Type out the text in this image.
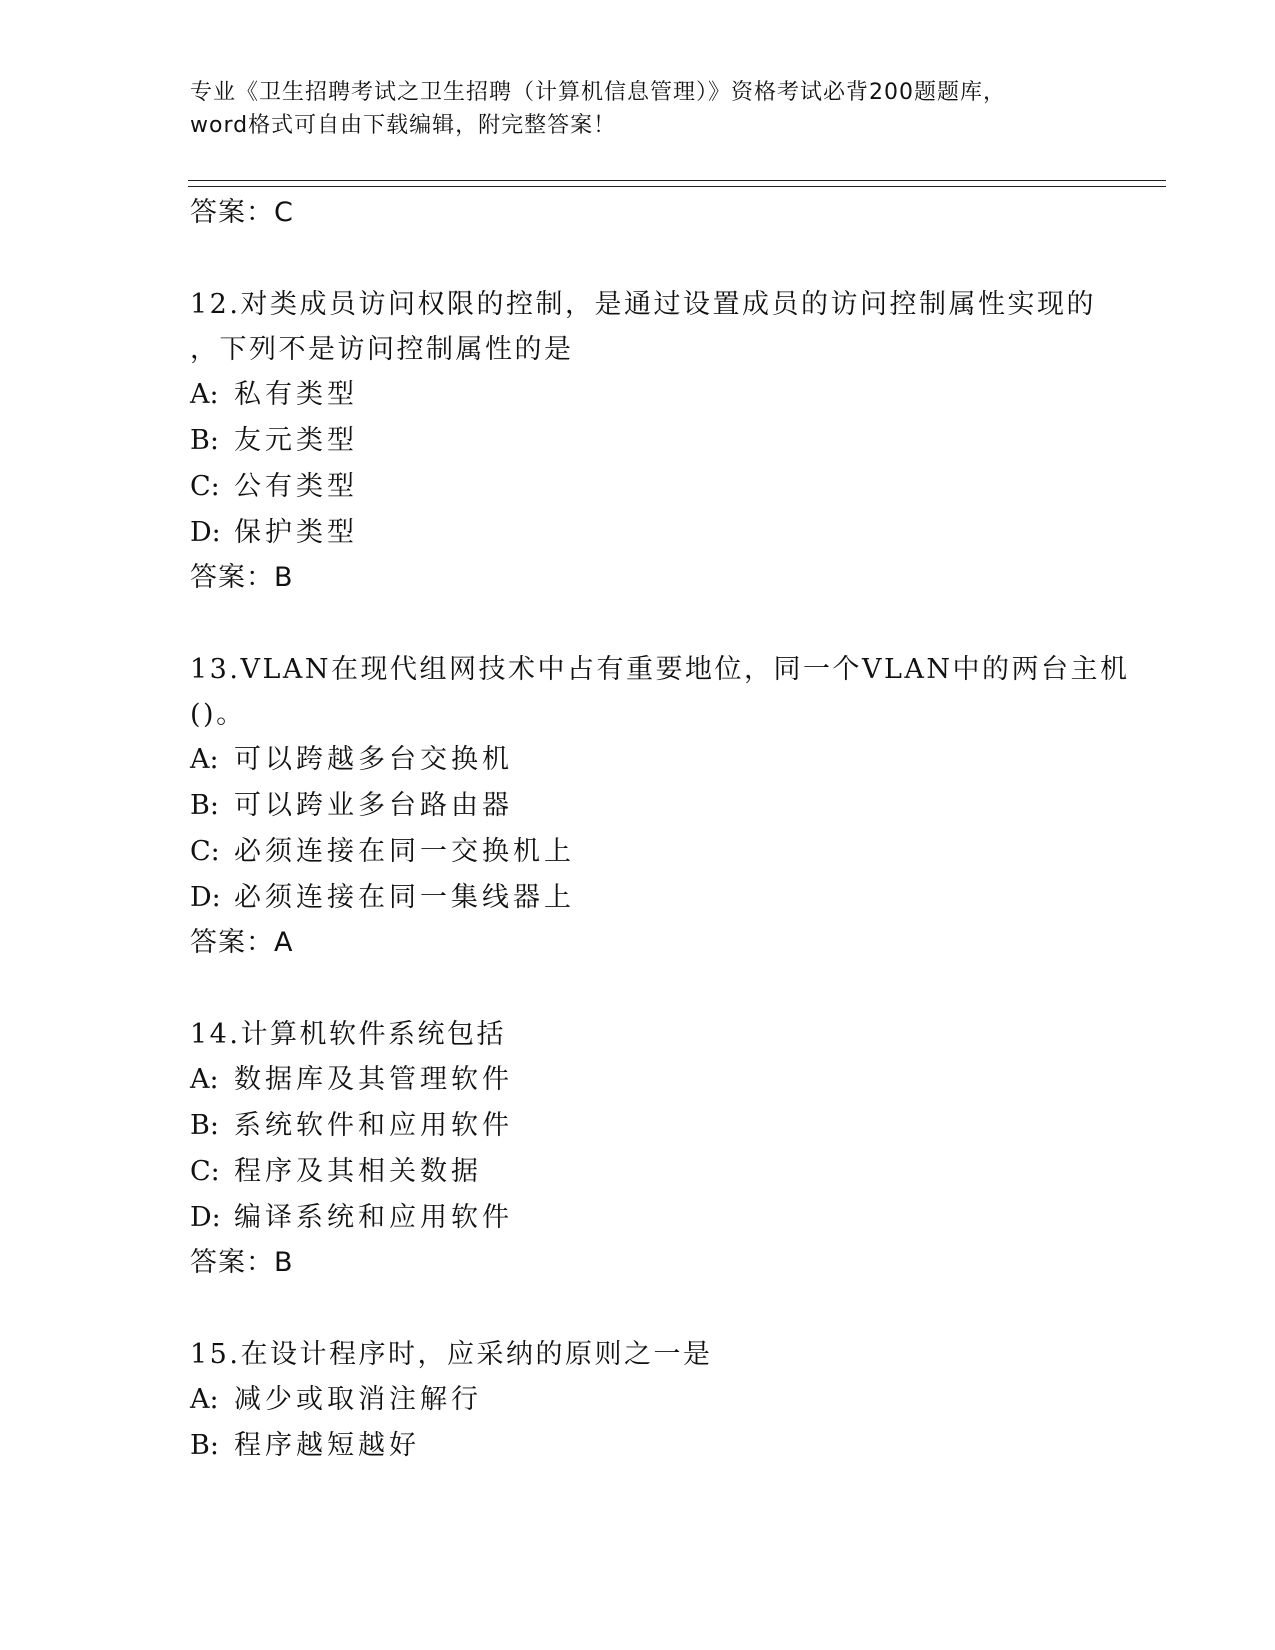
专业《卫生招聘考试之卫生招聘（计算机信息管理）》资格考试必背200题题库，
word格式可自由下载编辑，附完整答案！
答案：C
12.对类成员访问权限的控制，是通过设置成员的访问控制属性实现的
，下列不是访问控制属性的是
A: 私有类型
B: 友元类型
C: 公有类型
D: 保护类型
答案：B
13.VLAN在现代组网技术中占有重要地位，同一个VLAN中的两台主机
()。
A: 可以跨越多台交换机
B: 可以跨业多台路由器
C: 必须连接在同一交换机上
D: 必须连接在同一集线器上
答案：A
14.计算机软件系统包括
A: 数据库及其管理软件
B: 系统软件和应用软件
C: 程序及其相关数据
D: 编译系统和应用软件
答案：B
15.在设计程序时，应采纳的原则之一是
A: 减少或取消注解行
B: 程序越短越好
